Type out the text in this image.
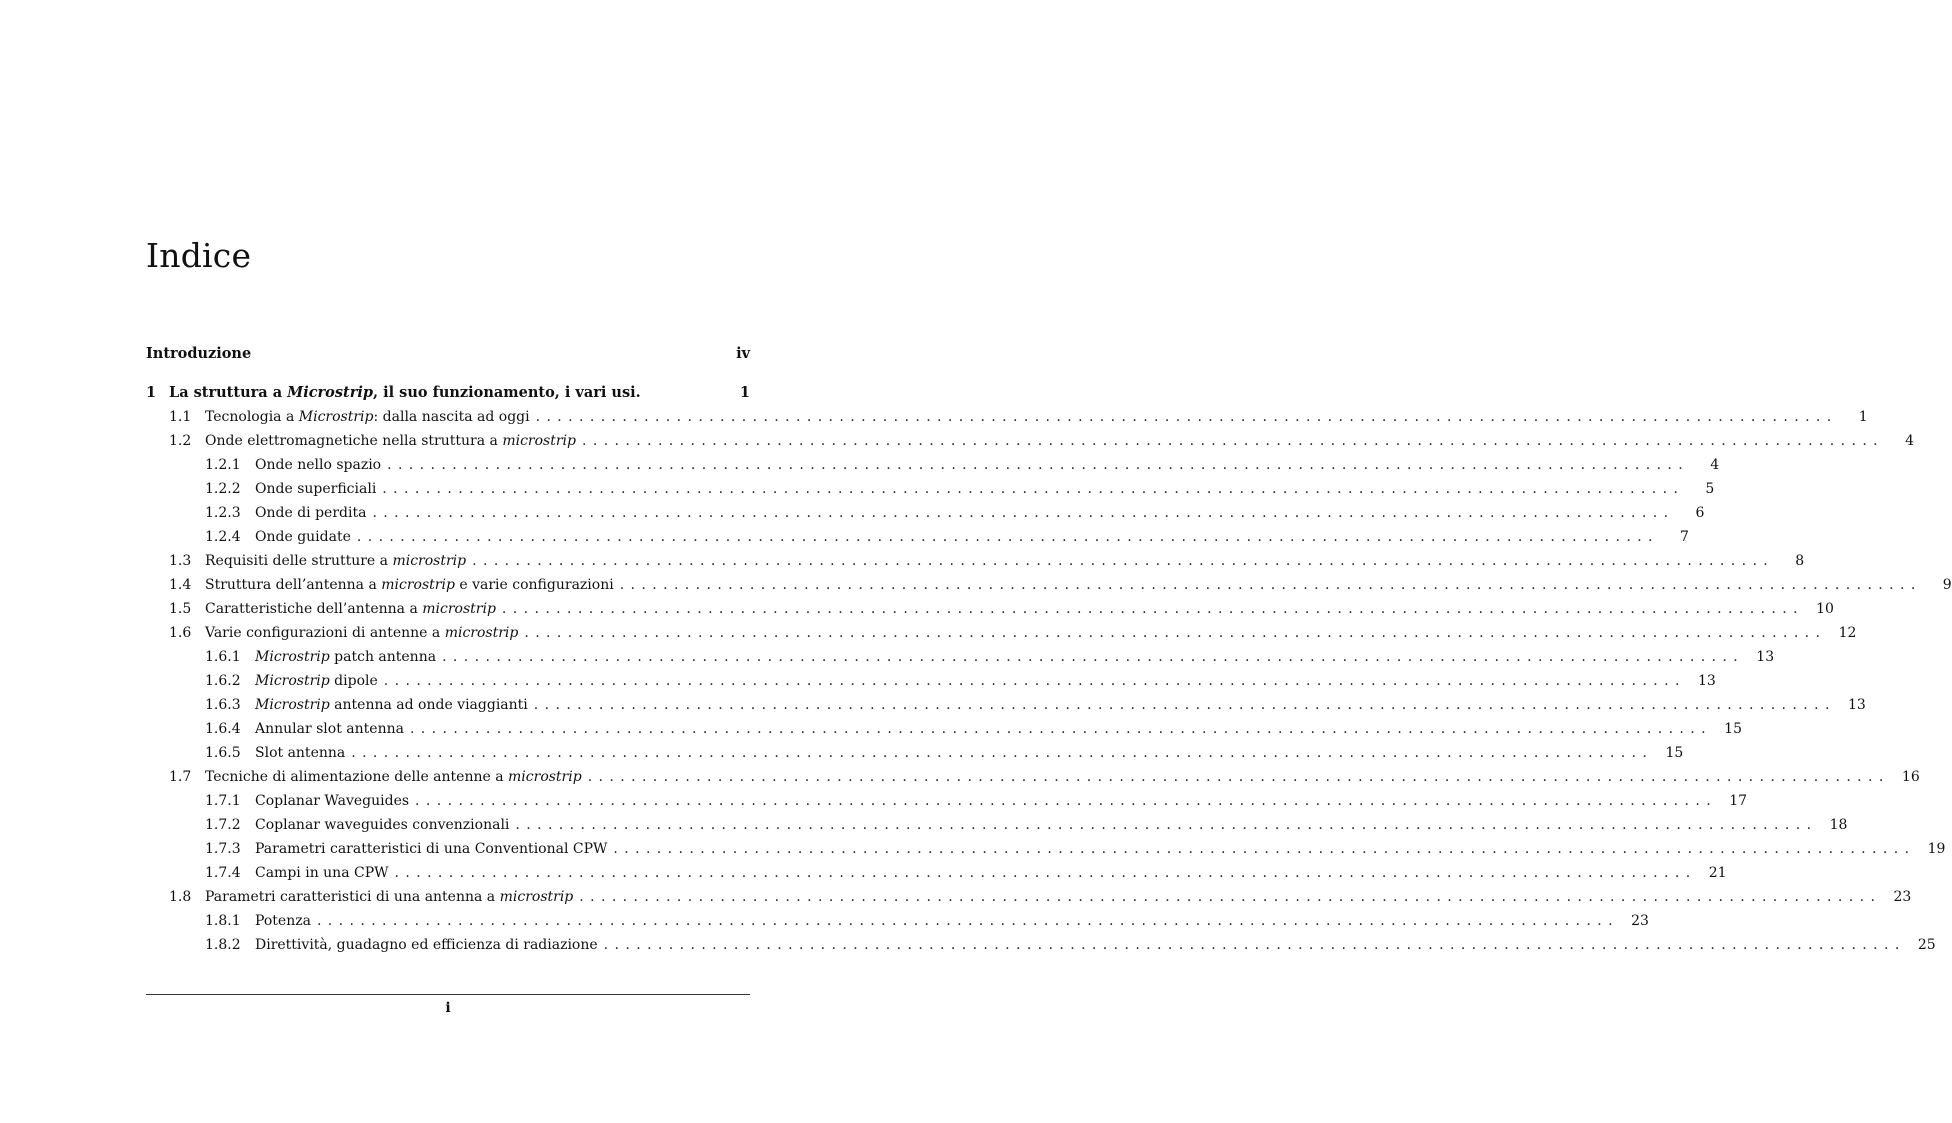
Indice
Introduzione	iv
1 La struttura a Microstrip, il suo funzionamento, i vari usi.	1
1.1 Tecnologia a Microstrip: dalla nascita ad oggi ........................................................................................................................	1
1.2 Onde elettromagnetiche nella struttura a microstrip ........................................................................................................................	4
1.2.1	Onde nello spazio ........................................................................................................................	4
1.2.2	Onde superficiali ........................................................................................................................	5
1.2.3	Onde di perdita ........................................................................................................................	6
1.2.4	Onde guidate ........................................................................................................................	7
1.3 Requisiti delle strutture a microstrip ........................................................................................................................	8
1.4 Struttura dell’antenna a microstrip e varie configurazioni ........................................................................................................................	9
1.5 Caratteristiche dell’antenna a microstrip ........................................................................................................................ 10
1.6 Varie configurazioni di antenne a microstrip ........................................................................................................................ 12
1.6.1	Microstrip patch antenna ........................................................................................................................ 13
1.6.2	Microstrip dipole ........................................................................................................................ 13
1.6.3	Microstrip antenna ad onde viaggianti ........................................................................................................................ 13
1.6.4	Annular slot antenna ........................................................................................................................ 15
1.6.5	Slot antenna ........................................................................................................................ 15
1.7 Tecniche di alimentazione delle antenne a microstrip ........................................................................................................................ 16
1.7.1	Coplanar Waveguides ........................................................................................................................ 17
1.7.2	Coplanar waveguides convenzionali ........................................................................................................................ 18
1.7.3	Parametri caratteristici di una Conventional CPW ........................................................................................................................ 19
1.7.4	Campi in una CPW ........................................................................................................................ 21
1.8 Parametri caratteristici di una antenna a microstrip ........................................................................................................................ 23
1.8.1	Potenza ........................................................................................................................ 23
1.8.2	Direttività, guadagno ed efficienza di radiazione ........................................................................................................................ 25
i
